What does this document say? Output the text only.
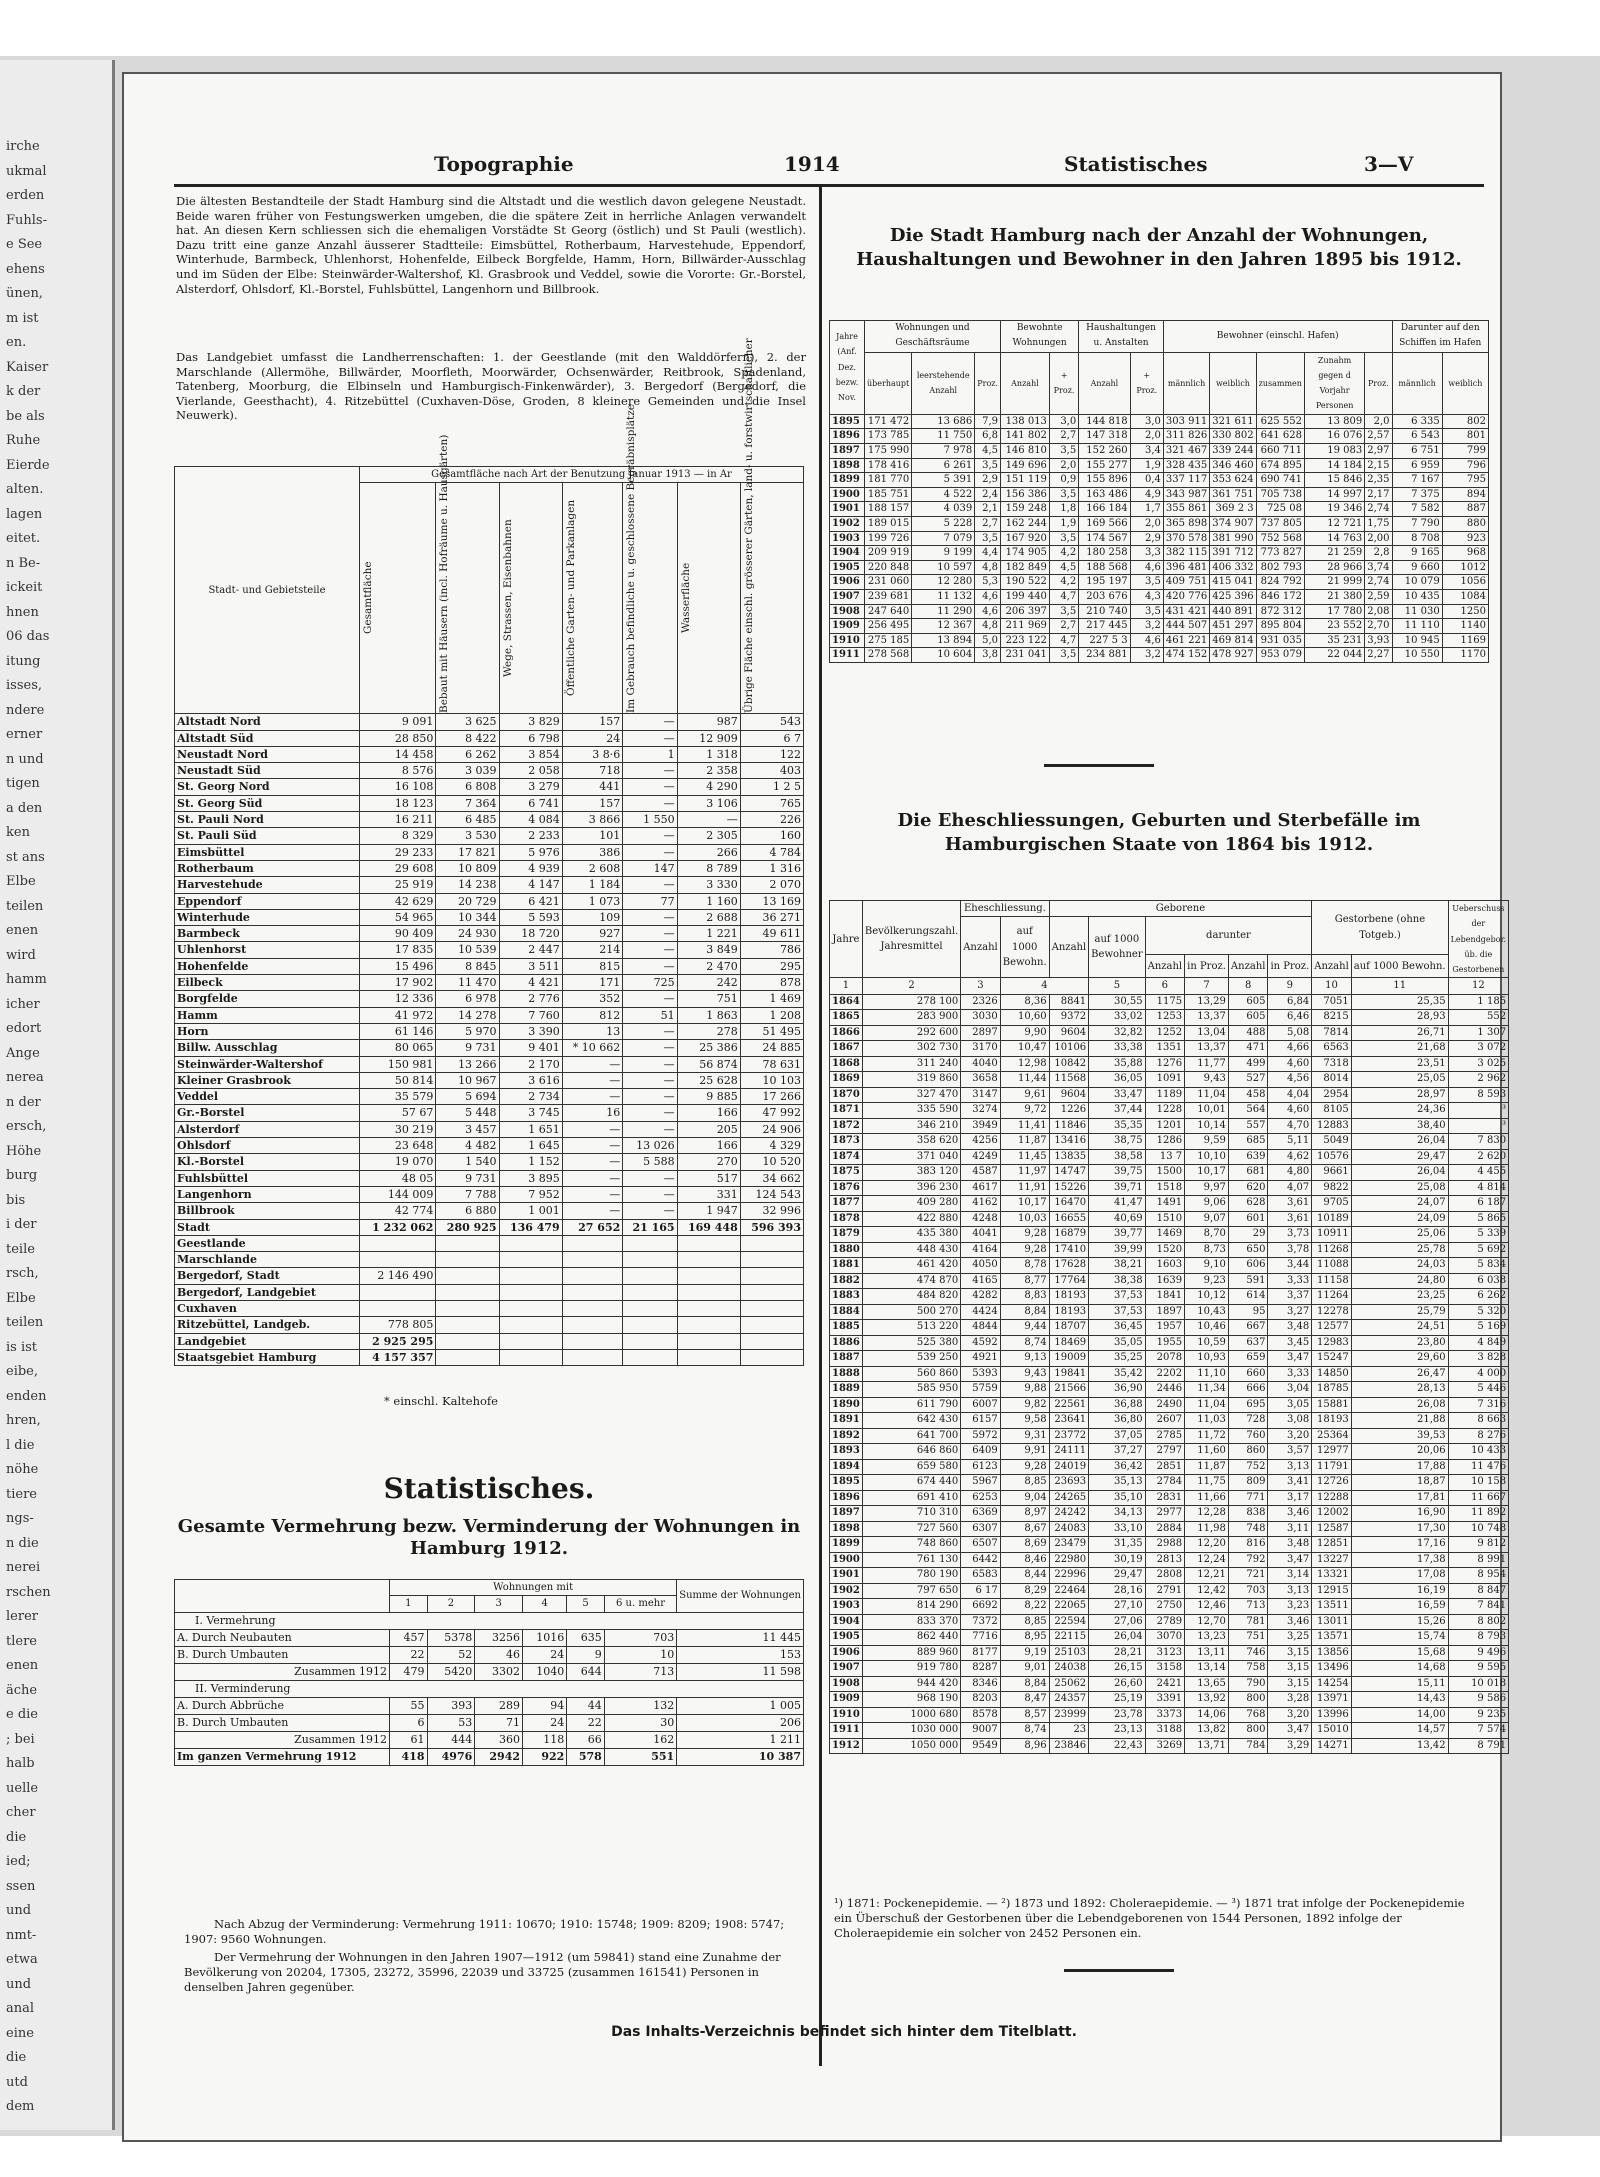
irche
ukmal
erden
Fuhls-
e See
ehens
ünen,
m ist
en.
Kaiser
k der
be als
Ruhe
Eierde
alten.
lagen
eitet.
n Be-
ickeit
hnen
06 das
itung
isses,
ndere
erner
n und
tigen
a den
ken
st ans
Elbe
teilen
enen
wird
hamm
icher
edort
Ange
nerea
n der
ersch,
Höhe
burg
bis
i der
teile
rsch,
Elbe
teilen
is ist
eibe,
enden
hren,
l die
nöhe
tiere
ngs-
n die
nerei
rschen
lerer
tlere
enen
äche
e die
; bei
halb
uelle
cher
die
ied;
ssen
und
nmt-
etwa
und
anal
eine
die
utd
dem
Topographie	1914	Statistisches	3—V
Die ältesten Bestandteile der Stadt Hamburg sind die Altstadt und die westlich davon gelegene Neustadt. Beide waren früher von Festungswerken umgeben, die die spätere Zeit in herrliche Anlagen verwandelt hat. An diesen Kern schliessen sich die ehemaligen Vorstädte St Georg (östlich) und St Pauli (westlich). Dazu tritt eine ganze Anzahl äusserer Stadtteile: Eimsbüttel, Rotherbaum, Harvestehude, Eppendorf, Winterhude, Barmbeck, Uhlenhorst, Hohenfelde, Eilbeck Borgfelde, Hamm, Horn, Billwärder-Ausschlag und im Süden der Elbe: Steinwärder-Waltershof, Kl. Grasbrook und Veddel, sowie die Vororte: Gr.-Borstel, Alsterdorf, Ohlsdorf, Kl.-Borstel, Fuhlsbüttel, Langenhorn und Billbrook.
Das Landgebiet umfasst die Landherrenschaften: 1. der Geestlande (mit den Walddörfern), 2. der Marschlande (Allermöhe, Billwärder, Moorfleth, Moorwärder, Ochsenwärder, Reitbrook, Spadenland, Tatenberg, Moorburg, die Elbinseln und Hamburgisch-Finkenwärder), 3. Bergedorf (Bergedorf, die Vierlande, Geesthacht), 4. Ritzebüttel (Cuxhaven-Döse, Groden, 8 kleinere Gemeinden und die Insel Neuwerk).
Stadt- und Gebietsteile	Gesamtfläche nach Art der Benutzung Januar 1913 — in Ar						

	Gesamtfläche	Bebaut mit Häusern (incl. Hofräume u. Hausgärten)	Wege, Strassen, Eisenbahnen	Öffentliche Garten- und Parkanlagen	Im Gebrauch befindliche u. geschlossene Begräbnisplätze	Wasserfläche	Übrige Fläche einschl. grösserer Gärten, land- u. forstwirtschaftlicher

Altstadt Nord	9 091	3 625	3 829	157	—	987	543
Altstadt Süd	28 850	8 422	6 798	24	—	12 909	6 7
Neustadt Nord	14 458	6 262	3 854	3 8·6	1	1 318	122
Neustadt Süd	8 576	3 039	2 058	718	—	2 358	403
St. Georg Nord	16 108	6 808	3 279	441	—	4 290	1 2 5
St. Georg Süd	18 123	7 364	6 741	157	—	3 106	765
St. Pauli Nord	16 211	6 485	4 084	3 866	1 550	—	226
St. Pauli Süd	8 329	3 530	2 233	101	—	2 305	160
Eimsbüttel	29 233	17 821	5 976	386	—	266	4 784
Rotherbaum	29 608	10 809	4 939	2 608	147	8 789	1 316
Harvestehude	25 919	14 238	4 147	1 184	—	3 330	2 070
Eppendorf	42 629	20 729	6 421	1 073	77	1 160	13 169
Winterhude	54 965	10 344	5 593	109	—	2 688	36 271
Barmbeck	90 409	24 930	18 720	927	—	1 221	49 611
Uhlenhorst	17 835	10 539	2 447	214	—	3 849	786
Hohenfelde	15 496	8 845	3 511	815	—	2 470	295
Eilbeck	17 902	11 470	4 421	171	725	242	878
Borgfelde	12 336	6 978	2 776	352	—	751	1 469
Hamm	41 972	14 278	7 760	812	51	1 863	1 208
Horn	61 146	5 970	3 390	13	—	278	51 495
Billw. Ausschlag	80 065	9 731	9 401	* 10 662	—	25 386	24 885
Steinwärder-Waltershof	150 981	13 266	2 170	—	—	56 874	78 631
Kleiner Grasbrook	50 814	10 967	3 616	—	—	25 628	10 103
Veddel	35 579	5 694	2 734	—	—	9 885	17 266
Gr.-Borstel	57 67	5 448	3 745	16	—	166	47 992
Alsterdorf	30 219	3 457	1 651	—	—	205	24 906
Ohlsdorf	23 648	4 482	1 645	—	13 026	166	4 329
Kl.-Borstel	19 070	1 540	1 152	—	5 588	270	10 520
Fuhlsbüttel	48 05	9 731	3 895	—	—	517	34 662
Langenhorn	144 009	7 788	7 952	—	—	331	124 543
Billbrook	42 774	6 880	1 001	—	—	1 947	32 996
Stadt	1 232 062	280 925	136 479	27 652	21 165	169 448	596 393
Geestlande							
Marschlande							
Bergedorf, Stadt	2 146 490						
Bergedorf, Landgebiet							
Cuxhaven							
Ritzebüttel, Landgeb.	778 805						
Landgebiet	2 925 295						
Staatsgebiet Hamburg	4 157 357						
* einschl. Kaltehofe
Statistisches.
Gesamte Vermehrung bezw. Verminderung der Wohnungen in Hamburg 1912.
	Wohnungen mit						Summe der Wohnungen
	1	2	3	4	5	6 u. mehr	
I. Vermehrung							
A. Durch Neubauten	457	5378	3256	1016	635	703	11 445
B. Durch Umbauten	22	52	46	24	9	10	153
Zusammen 1912	479	5420	3302	1040	644	713	11 598
II. Verminderung							
A. Durch Abbrüche	55	393	289	94	44	132	1 005
B. Durch Umbauten	6	53	71	24	22	30	206
Zusammen 1912	61	444	360	118	66	162	1 211
Im ganzen Vermehrung 1912	418	4976	2942	922	578	551	10 387
Nach Abzug der Verminderung: Vermehrung 1911: 10670; 1910: 15748; 1909: 8209; 1908: 5747; 1907: 9560 Wohnungen.
Der Vermehrung der Wohnungen in den Jahren 1907—1912 (um 59841) stand eine Zunahme der Bevölkerung von 20204, 17305, 23272, 35996, 22039 und 33725 (zusammen 161541) Personen in denselben Jahren gegenüber.
Die Stadt Hamburg nach der Anzahl der Wohnungen, Haushaltungen und Bewohner in den Jahren 1895 bis 1912.
Jahre (Anf. Dez. bezw. Nov.	Wohnungen und Geschäftsräume			Bewohnte Wohnungen		Haushaltungen u. Anstalten		Bewohner (einschl. Hafen)					Darunter auf den Schiffen im Hafen	
	überhaupt	leerstehende Anzahl	Proz.	Anzahl	+ Proz.	Anzahl	+ Proz.	männlich	weiblich	zusammen	Zunahm gegen d Vorjahr Personen	Proz.	männlich	weiblich
1895	171 472	13 686	7,9	138 013	3,0	144 818	3,0	303 911	321 611	625 552	13 809	2,0	6 335	802
1896	173 785	11 750	6,8	141 802	2,7	147 318	2,0	311 826	330 802	641 628	16 076	2,57	6 543	801
1897	175 990	7 978	4,5	146 810	3,5	152 260	3,4	321 467	339 244	660 711	19 083	2,97	6 751	799
1898	178 416	6 261	3,5	149 696	2,0	155 277	1,9	328 435	346 460	674 895	14 184	2,15	6 959	796
1899	181 770	5 391	2,9	151 119	0,9	155 896	0,4	337 117	353 624	690 741	15 846	2,35	7 167	795
1900	185 751	4 522	2,4	156 386	3,5	163 486	4,9	343 987	361 751	705 738	14 997	2,17	7 375	894
1901	188 157	4 039	2,1	159 248	1,8	166 184	1,7	355 861	369 2 3	725 08	19 346	2,74	7 582	887
1902	189 015	5 228	2,7	162 244	1,9	169 566	2,0	365 898	374 907	737 805	12 721	1,75	7 790	880
1903	199 726	7 079	3,5	167 920	3,5	174 567	2,9	370 578	381 990	752 568	14 763	2,00	8 708	923
1904	209 919	9 199	4,4	174 905	4,2	180 258	3,3	382 115	391 712	773 827	21 259	2,8	9 165	968
1905	220 848	10 597	4,8	182 849	4,5	188 568	4,6	396 481	406 332	802 793	28 966	3,74	9 660	1012
1906	231 060	12 280	5,3	190 522	4,2	195 197	3,5	409 751	415 041	824 792	21 999	2,74	10 079	1056
1907	239 681	11 132	4,6	199 440	4,7	203 676	4,3	420 776	425 396	846 172	21 380	2,59	10 435	1084
1908	247 640	11 290	4,6	206 397	3,5	210 740	3,5	431 421	440 891	872 312	17 780	2,08	11 030	1250
1909	256 495	12 367	4,8	211 969	2,7	217 445	3,2	444 507	451 297	895 804	23 552	2,70	11 110	1140
1910	275 185	13 894	5,0	223 122	4,7	227 5 3	4,6	461 221	469 814	931 035	35 231	3,93	10 945	1169
1911	278 568	10 604	3,8	231 041	3,5	234 881	3,2	474 152	478 927	953 079	22 044	2,27	10 550	1170
Die Eheschliessungen, Geburten und Sterbefälle im Hamburgischen Staate von 1864 bis 1912.
Jahre	Bevölkerungszahl. Jahresmittel	Eheschliessung.		Geborene						Gestorbene (ohne Totgeb.)		Ueberschuss der Lebendgebor. üb. die Gestorbenen
		Anzahl	auf 1000 Bewohn.	Anzahl	auf 1000 Bewohner	darunter						
						Anzahl	in Proz.	Anzahl	in Proz.	Anzahl	auf 1000 Bewohn.	
1	2	3	4		5	6	7	8	9	10	11	12
1864	278 100	2326	8,36	8841	30,55	1175	13,29	605	6,84	7051	25,35	1 185
1865	283 900	3030	10,60	9372	33,02	1253	13,37	605	6,46	8215	28,93	552
1866	292 600	2897	9,90	9604	32,82	1252	13,04	488	5,08	7814	26,71	1 307
1867	302 730	3170	10,47	10106	33,38	1351	13,37	471	4,66	6563	21,68	3 072
1868	311 240	4040	12,98	10842	35,88	1276	11,77	499	4,60	7318	23,51	3 025
1869	319 860	3658	11,44	11568	36,05	1091	9,43	527	4,56	8014	25,05	2 962
1870	327 470	3147	9,61	9604	33,47	1189	11,04	458	4,04	2954	28,97	8 593
1871	335 590	3274	9,72	1226	37,44	1228	10,01	564	4,60	8105	24,36	³
1872	346 210	3949	11,41	11846	35,35	1201	10,14	557	4,70	12883	38,40	³
1873	358 620	4256	11,87	13416	38,75	1286	9,59	685	5,11	5049	26,04	7 830
1874	371 040	4249	11,45	13835	38,58	13 7	10,10	639	4,62	10576	29,47	2 620
1875	383 120	4587	11,97	14747	39,75	1500	10,17	681	4,80	9661	26,04	4 455
1876	396 230	4617	11,91	15226	39,71	1518	9,97	620	4,07	9822	25,08	4 814
1877	409 280	4162	10,17	16470	41,47	1491	9,06	628	3,61	9705	24,07	6 187
1878	422 880	4248	10,03	16655	40,69	1510	9,07	601	3,61	10189	24,09	5 865
1879	435 380	4041	9,28	16879	39,77	1469	8,70	29	3,73	10911	25,06	5 339
1880	448 430	4164	9,28	17410	39,99	1520	8,73	650	3,78	11268	25,78	5 692
1881	461 420	4050	8,78	17628	38,21	1603	9,10	606	3,44	11088	24,03	5 834
1882	474 870	4165	8,77	17764	38,38	1639	9,23	591	3,33	11158	24,80	6 038
1883	484 820	4282	8,83	18193	37,53	1841	10,12	614	3,37	11264	23,25	6 262
1884	500 270	4424	8,84	18193	37,53	1897	10,43	95	3,27	12278	25,79	5 320
1885	513 220	4844	9,44	18707	36,45	1957	10,46	667	3,48	12577	24,51	5 169
1886	525 380	4592	8,74	18469	35,05	1955	10,59	637	3,45	12983	23,80	4 849
1887	539 250	4921	9,13	19009	35,25	2078	10,93	659	3,47	15247	29,60	3 828
1888	560 860	5393	9,43	19841	35,42	2202	11,10	660	3,33	14850	26,47	4 000
1889	585 950	5759	9,88	21566	36,90	2446	11,34	666	3,04	18785	28,13	5 446
1890	611 790	6007	9,82	22561	36,88	2490	11,04	695	3,05	15881	26,08	7 316
1891	642 430	6157	9,58	23641	36,80	2607	11,03	728	3,08	18193	21,88	8 663
1892	641 700	5972	9,31	23772	37,05	2785	11,72	760	3,20	25364	39,53	8 276
1893	646 860	6409	9,91	24111	37,27	2797	11,60	860	3,57	12977	20,06	10 433
1894	659 580	6123	9,28	24019	36,42	2851	11,87	752	3,13	11791	17,88	11 476
1895	674 440	5967	8,85	23693	35,13	2784	11,75	809	3,41	12726	18,87	10 158
1896	691 410	6253	9,04	24265	35,10	2831	11,66	771	3,17	12288	17,81	11 667
1897	710 310	6369	8,97	24242	34,13	2977	12,28	838	3,46	12002	16,90	11 892
1898	727 560	6307	8,67	24083	33,10	2884	11,98	748	3,11	12587	17,30	10 748
1899	748 860	6507	8,69	23479	31,35	2988	12,20	816	3,48	12851	17,16	9 812
1900	761 130	6442	8,46	22980	30,19	2813	12,24	792	3,47	13227	17,38	8 991
1901	780 190	6583	8,44	22996	29,47	2808	12,21	721	3,14	13321	17,08	8 954
1902	797 650	6 17	8,29	22464	28,16	2791	12,42	703	3,13	12915	16,19	8 847
1903	814 290	6692	8,22	22065	27,10	2750	12,46	713	3,23	13511	16,59	7 841
1904	833 370	7372	8,85	22594	27,06	2789	12,70	781	3,46	13011	15,26	8 802
1905	862 440	7716	8,95	22115	26,04	3070	13,23	751	3,25	13571	15,74	8 793
1906	889 960	8177	9,19	25103	28,21	3123	13,11	746	3,15	13856	15,68	9 496
1907	919 780	8287	9,01	24038	26,15	3158	13,14	758	3,15	13496	14,68	9 595
1908	944 420	8346	8,84	25062	26,60	2421	13,65	790	3,15	14254	15,11	10 018
1909	968 190	8203	8,47	24357	25,19	3391	13,92	800	3,28	13971	14,43	9 586
1910	1000 680	8578	8,57	23999	23,78	3373	14,06	768	3,20	13996	14,00	9 235
1911	1030 000	9007	8,74	23	23,13	3188	13,82	800	3,47	15010	14,57	7 574
1912	1050 000	9549	8,96	23846	22,43	3269	13,71	784	3,29	14271	13,42	8 791
¹) 1871: Pockenepidemie. — ²) 1873 und 1892: Choleraepidemie. — ³) 1871 trat infolge der Pockenepidemie ein Überschuß der Gestorbenen über die Lebendgeborenen von 1544 Personen, 1892 infolge der Choleraepidemie ein solcher von 2452 Personen ein.
Das Inhalts-Verzeichnis befindet sich hinter dem Titelblatt.
